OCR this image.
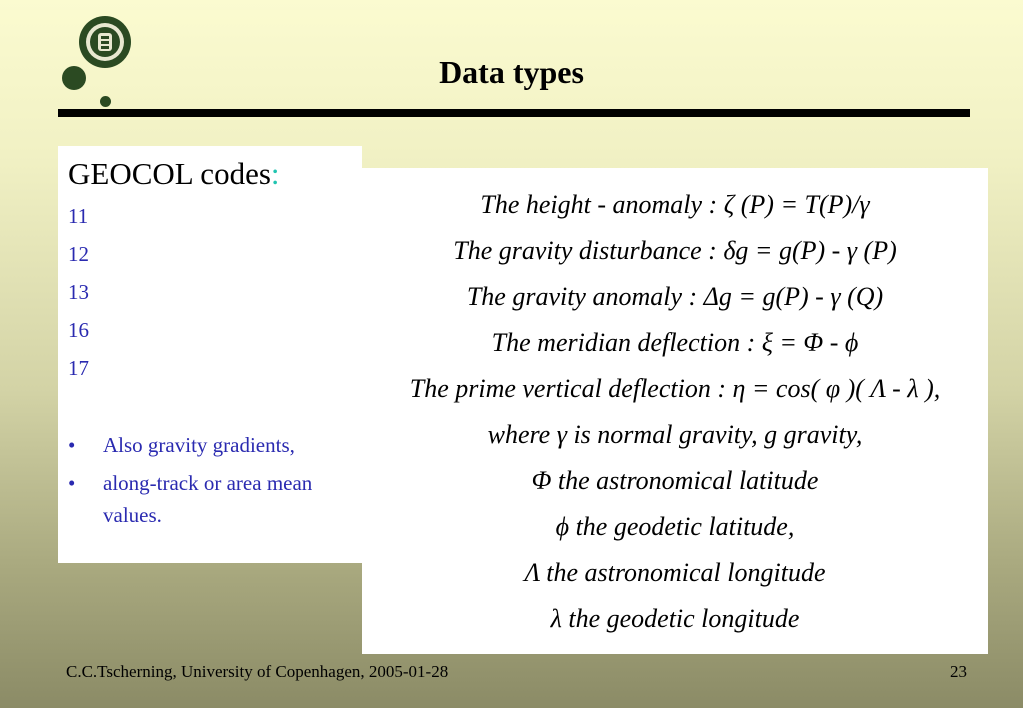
Data types
GEOCOL codes:
11
12
13
16
17
• Also gravity gradients,
• along-track or area mean values.
The height - anomaly : ζ (P) = T(P)/γ
The gravity disturbance : δg = g(P) - γ (P)
The gravity anomaly : Δg = g(P) - γ (Q)
The meridian deflection : ξ = Φ - ϕ
The prime vertical deflection : η = cos( φ )( Λ - λ ),
where γ is normal gravity, g gravity,
Φ the astronomical latitude
ϕ the geodetic latitude,
Λ the astronomical longitude
λ the geodetic longitude
C.C.Tscherning, University of Copenhagen, 2005-01-28	23
